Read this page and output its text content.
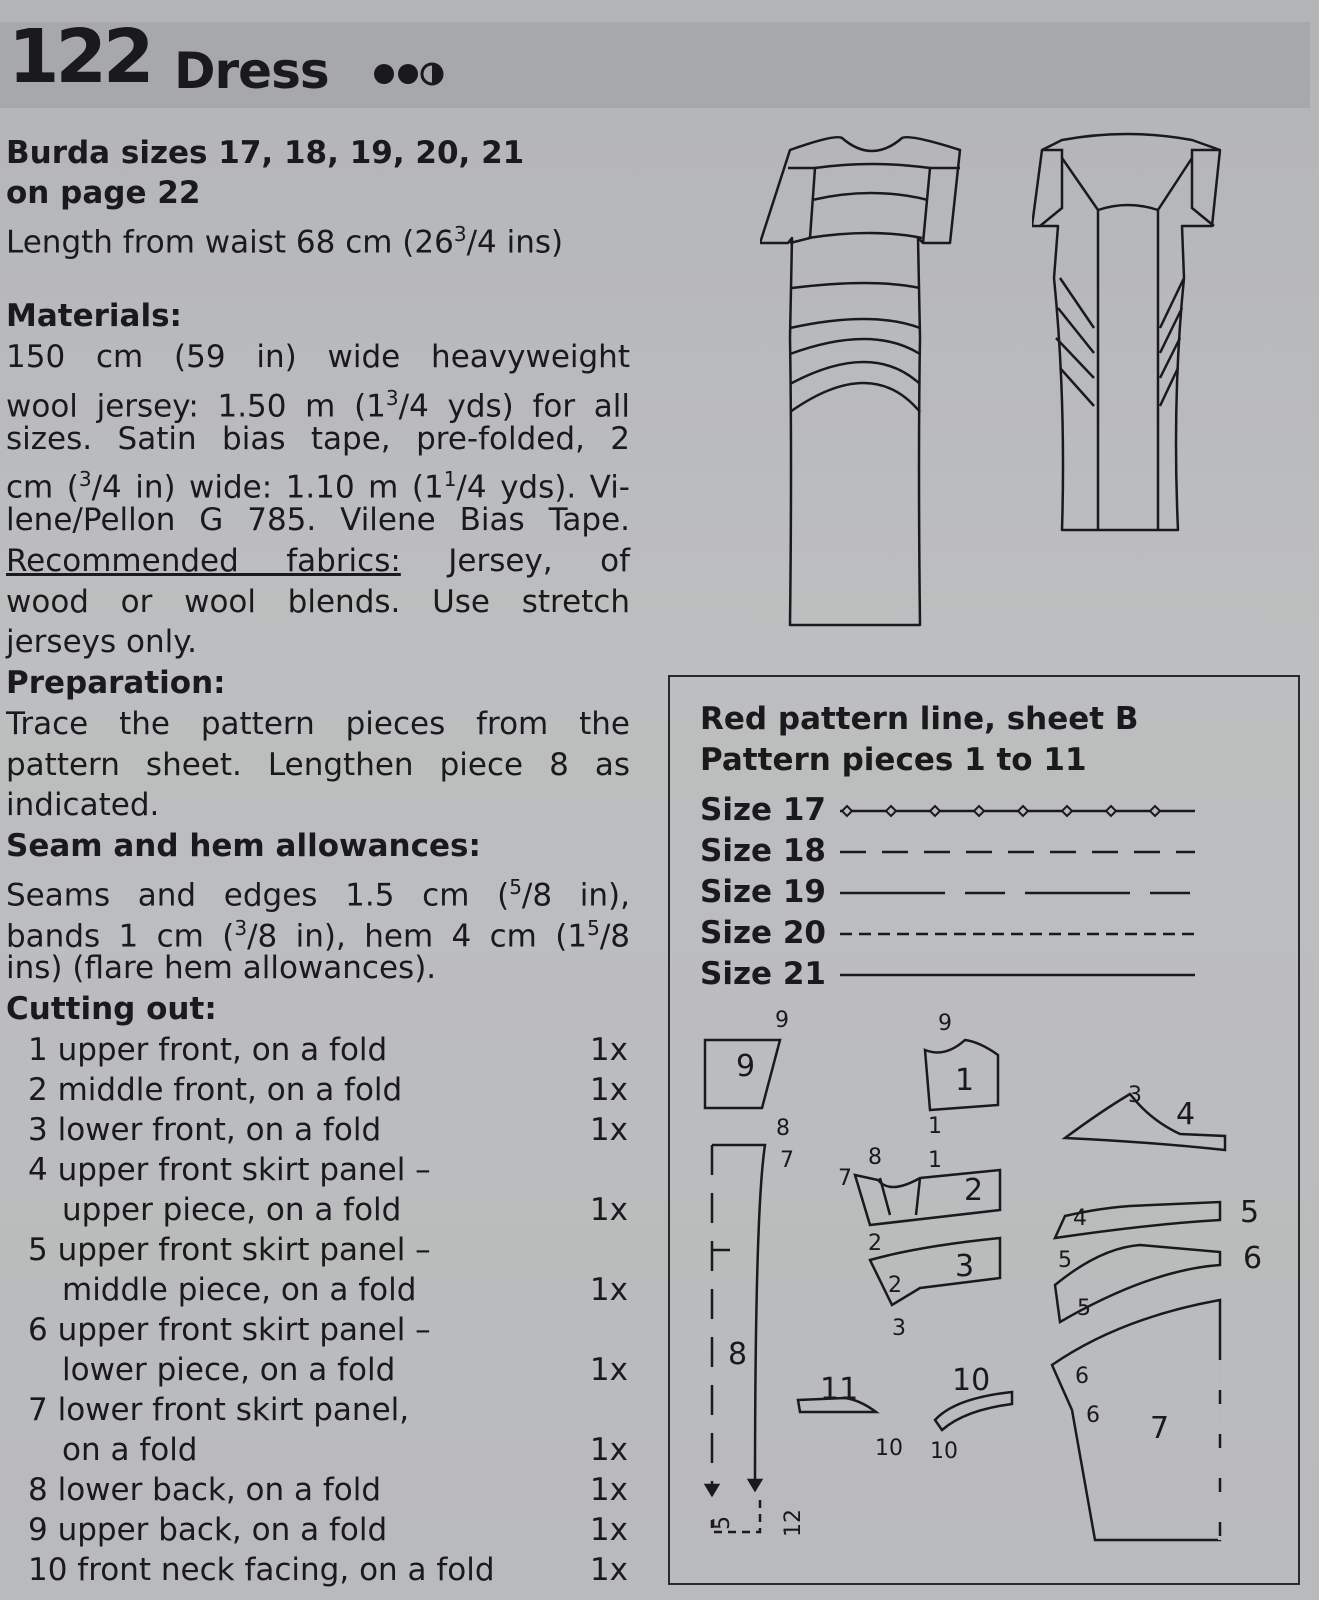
122 Dress
Burda sizes 17, 18, 19, 20, 21
on page 22
Length from waist 68 cm ($26^3/4$ ins)
Materials:
150 cm (59 in) wide heavyweight
wool jersey: 1.50 m ($1^3/4$ yds) for all
sizes. Satin bias tape, pre-folded, 2
cm ($^3$/4 in) wide: 1.10 m ($1^1/4$ yds). Vi-
lene/Pellon G 785. Vilene Bias Tape.
Recommended fabrics: Jersey, of
wood or wool blends. Use stretch
jerseys only.
Preparation:
Trace the pattern pieces from the
pattern sheet. Lengthen piece 8 as
indicated.
Seam and hem allowances:
Seams and edges 1.5 cm ($^5$/8 in),
bands 1 cm ($^3$/8 in), hem 4 cm ($1^5/8$
ins) (flare hem allowances).
Cutting out:
1 upper front, on a fold	1x
2 middle front, on a fold	1x
3 lower front, on a fold	1x
4 upper front skirt panel –
upper piece, on a fold	1x
5 upper front skirt panel –
middle piece, on a fold	1x
6 upper front skirt panel –
lower piece, on a fold	1x
7 lower front skirt panel,
on a fold	1x
8 lower back, on a fold	1x
9 upper back, on a fold	1x
10 front neck facing, on a fold	1x
Red pattern line, sheet B
Pattern pieces 1 to 11
Size 17
Size 18
Size 19
Size 20
Size 21
9	9
1
9
8	1
3
4
7	8 1
2
7
4	5
5	6
2
2
3
3
5
6
8
11	10
10 10
6 7
5 12
